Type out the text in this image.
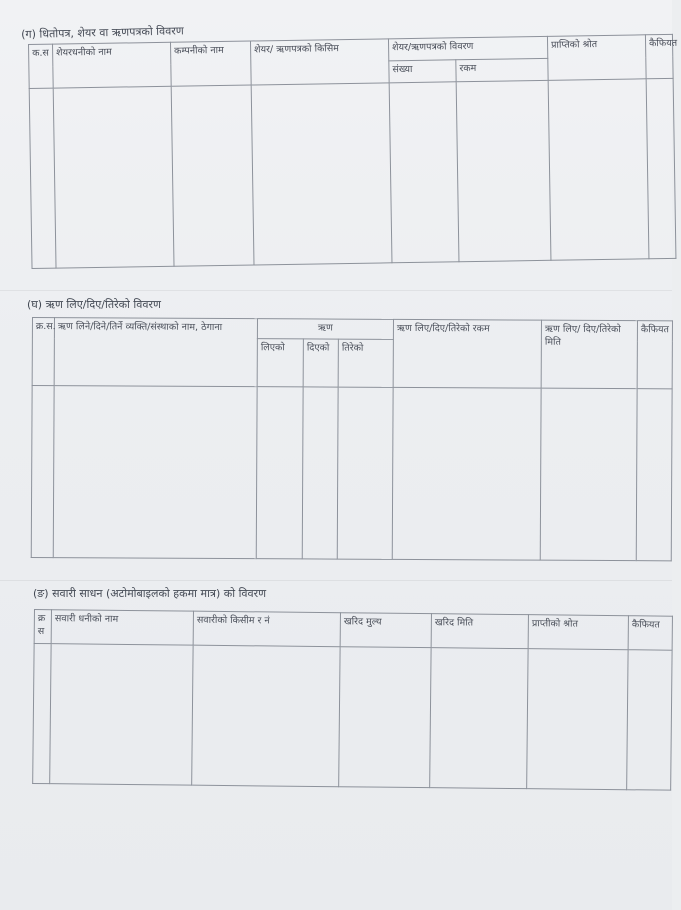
(ग) धितोपत्र, शेयर वा ऋणपत्रको विवरण
क.स	शेयरधनीको नाम	कम्पनीको नाम	शेयर/ ऋणपत्रको किसिम	शेयर/ऋणपत्रको विवरण		प्राप्तिको श्रोत	कैफियत
				संख्या	रकम		

(घ) ऋण लिए/दिए/तिरेको विवरण
क्र.स.	ऋण लिने/दिने/तिर्ने व्यक्ति/संस्थाको नाम, ठेगाना	ऋण			ऋण लिए/दिए/तिरेको रकम	ऋण लिए/ दिए/तिरेको मिति	कैफियत
		लिएको	दिएको	तिरेको			

(ङ) सवारी साधन (अटोमोबाइलको हकमा मात्र) को विवरण
क्र स	सवारी धनीको नाम	सवारीको किसीम र नं	खरिद मुल्य	खरिद मिति	प्राप्तीको श्रोत	कैफियत
